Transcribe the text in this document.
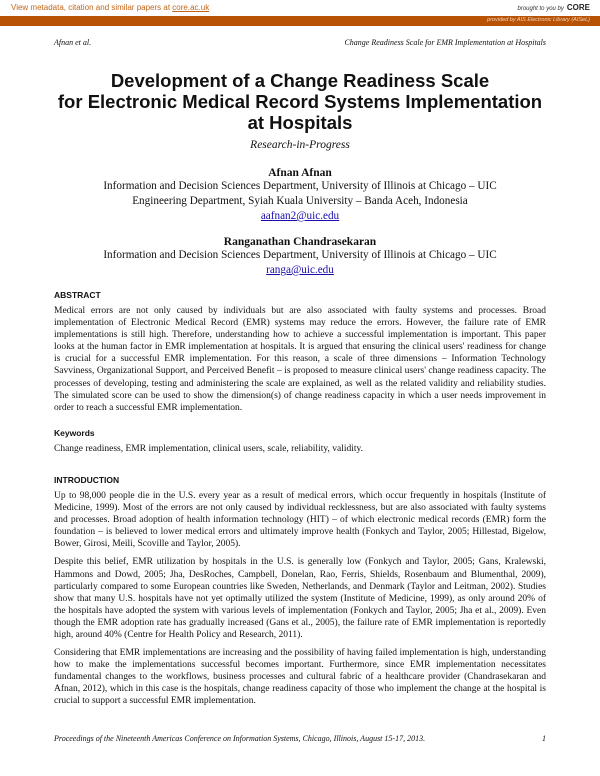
View metadata, citation and similar papers at core.ac.uk	brought to you by CORE
provided by AIS Electronic Library (AISeL)
Afnan et al.	Change Readiness Scale for EMR Implementation at Hospitals
Development of a Change Readiness Scale
for Electronic Medical Record Systems Implementation
at Hospitals
Research-in-Progress
Afnan Afnan
Information and Decision Sciences Department, University of Illinois at Chicago – UIC
Engineering Department, Syiah Kuala University – Banda Aceh, Indonesia
aafnan2@uic.edu
Ranganathan Chandrasekaran
Information and Decision Sciences Department, University of Illinois at Chicago – UIC
ranga@uic.edu
ABSTRACT

Medical errors are not only caused by individuals but are also associated with faulty systems and processes. Broad implementation of Electronic Medical Record (EMR) systems may reduce the errors. However, the failure rate of EMR implementations is still high. Therefore, understanding how to achieve a successful implementation is important. This paper looks at the human factor in EMR implementation at hospitals. It is argued that ensuring the clinical users' readiness for change is crucial for a successful EMR implementation. For this reason, a scale of three dimensions – Information Technology Savviness, Organizational Support, and Perceived Benefit – is proposed to measure clinical users' change readiness capacity. The processes of developing, testing and administering the scale are explained, as well as the related validity and reliability studies. The simulated score can be used to show the dimension(s) of change readiness capacity in which a user needs improvement in order to reach a successful EMR implementation.

Keywords

Change readiness, EMR implementation, clinical users, scale, reliability, validity.

INTRODUCTION

Up to 98,000 people die in the U.S. every year as a result of medical errors, which occur frequently in hospitals (Institute of Medicine, 1999). Most of the errors are not only caused by individual recklessness, but are also associated with faulty systems and processes. Broad adoption of health information technology (HIT) – of which electronic medical records (EMR) form the foundation – is believed to lower medical errors and ultimately improve health (Fonkych and Taylor, 2005; Hillestad, Bigelow, Bower, Girosi, Meili, Scoville and Taylor, 2005).

Despite this belief, EMR utilization by hospitals in the U.S. is generally low (Fonkych and Taylor, 2005; Gans, Kralewski, Hammons and Dowd, 2005; Jha, DesRoches, Campbell, Donelan, Rao, Ferris, Shields, Rosenbaum and Blumenthal, 2009), particularly compared to some European countries like Sweden, Netherlands, and Denmark (Taylor and Leitman, 2002). Studies show that many U.S. hospitals have not yet optimally utilized the system (Institute of Medicine, 1999), as only around 20% of the hospitals have adopted the system with various levels of implementation (Fonkych and Taylor, 2005; Jha et al., 2009). Even though the EMR adoption rate has gradually increased (Gans et al., 2005), the failure rate of EMR implementation is reportedly high, around 40% (Centre for Health Policy and Research, 2011).

Considering that EMR implementations are increasing and the possibility of having failed implementation is high, understanding how to make the implementations successful becomes important. Furthermore, since EMR implementation necessitates fundamental changes to the workflows, business processes and cultural fabric of a healthcare provider (Chandrasekaran and Afnan, 2012), which in this case is the hospitals, change readiness capacity of those who implement the change at the hospital is crucial to support a successful EMR implementation.

Proceedings of the Nineteenth Americas Conference on Information Systems, Chicago, Illinois, August 15-17, 2013.	1
